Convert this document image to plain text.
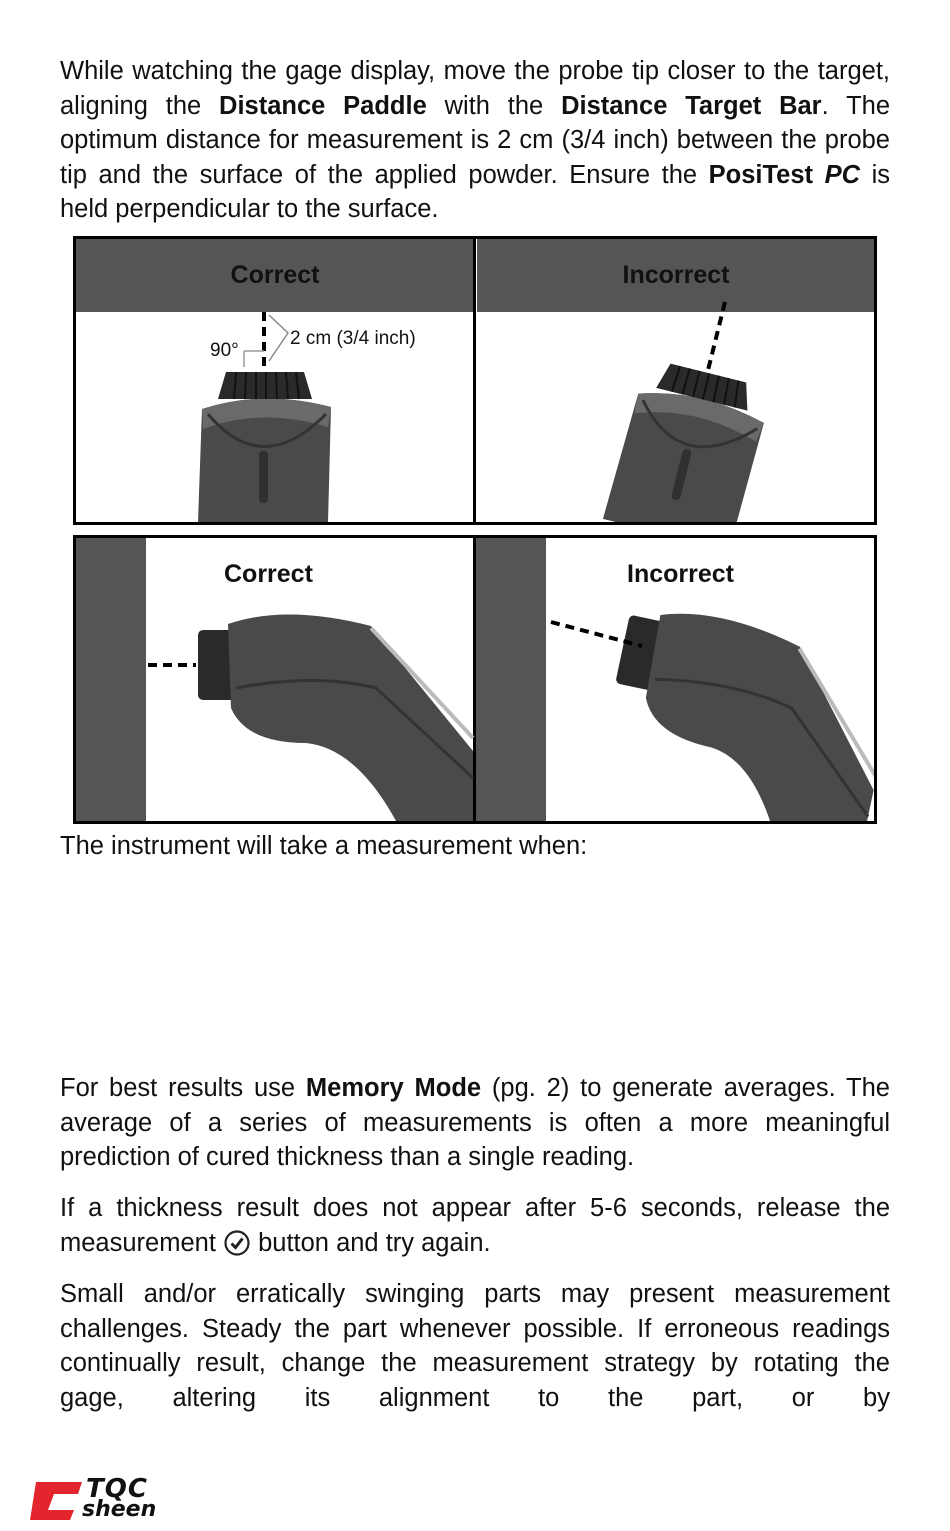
While watching the gage display, move the probe tip closer to the target, aligning the Distance Paddle with the Distance Target Bar. The optimum distance for measurement is 2 cm (3/4 inch) between the probe tip and the surface of the applied powder. Ensure the PosiTest PC is held perpendicular to the surface.

Correct	Incorrect
90°
2 cm (3/4 inch)
Correct	Incorrect

The instrument will take a measurement when:

For best results use Memory Mode (pg. 2) to generate averages. The average of a series of measurements is often a more meaningful prediction of cured thickness than a single reading.

If a thickness result does not appear after 5-6 seconds, release the measurement  button and try again.

Small and/or erratically swinging parts may present measurement challenges. Steady the part whenever possible. If erroneous readings continually result, change the measurement strategy by rotating the gage, altering its alignment to the part, or by

TQC
sheen
